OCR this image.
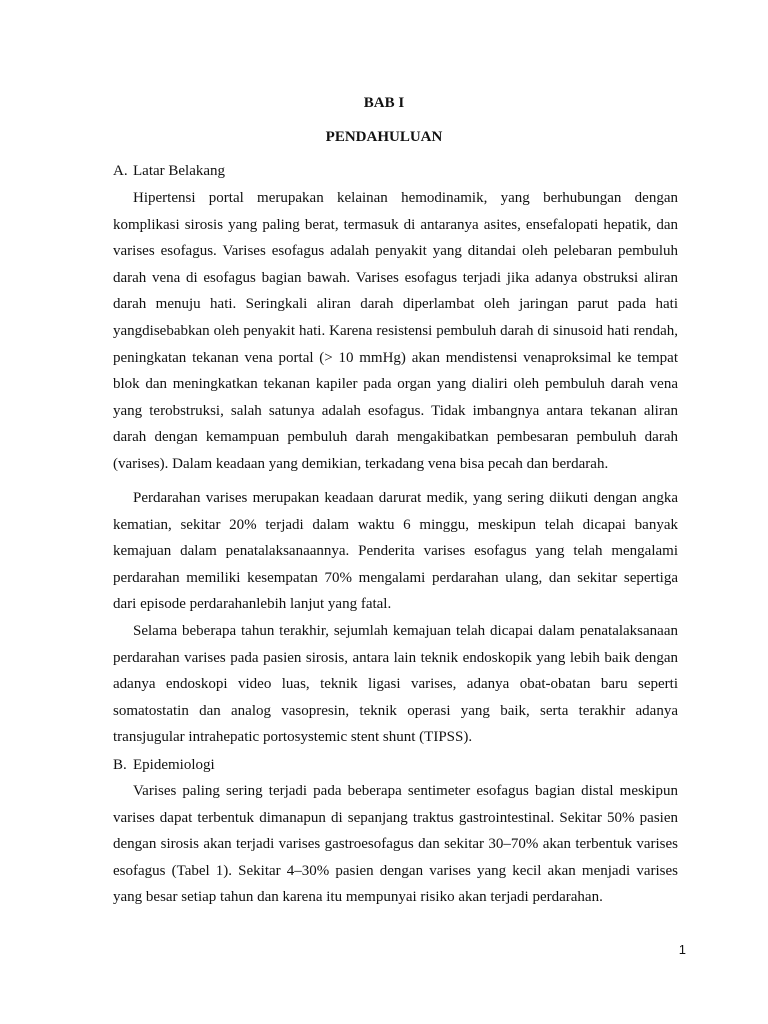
BAB I

PENDAHULUAN

A. Latar Belakang

Hipertensi portal merupakan kelainan hemodinamik, yang berhubungan dengan komplikasi sirosis yang paling berat, termasuk di antaranya asites, ensefalopati hepatik, dan varises esofagus. Varises esofagus adalah penyakit yang ditandai oleh pelebaran pembuluh darah vena di esofagus bagian bawah. Varises esofagus terjadi jika adanya obstruksi aliran darah menuju hati. Seringkali aliran darah diperlambat oleh jaringan parut pada hati yangdisebabkan oleh penyakit hati. Karena resistensi pembuluh darah di sinusoid hati rendah, peningkatan tekanan vena portal (> 10 mmHg) akan mendistensi venaproksimal ke tempat blok dan meningkatkan tekanan kapiler pada organ yang dialiri oleh pembuluh darah vena yang terobstruksi, salah satunya adalah esofagus. Tidak imbangnya antara tekanan aliran darah dengan kemampuan pembuluh darah mengakibatkan pembesaran pembuluh darah (varises). Dalam keadaan yang demikian, terkadang vena bisa pecah dan berdarah.

Perdarahan varises merupakan keadaan darurat medik, yang sering diikuti dengan angka kematian, sekitar 20% terjadi dalam waktu 6 minggu, meskipun telah dicapai banyak kemajuan dalam penatalaksanaannya. Penderita varises esofagus yang telah mengalami perdarahan memiliki kesempatan 70% mengalami perdarahan ulang, dan sekitar sepertiga dari episode perdarahanlebih lanjut yang fatal.

Selama beberapa tahun terakhir, sejumlah kemajuan telah dicapai dalam penatalaksanaan perdarahan varises pada pasien sirosis, antara lain teknik endoskopik yang lebih baik dengan adanya endoskopi video luas, teknik ligasi varises, adanya obat-obatan baru seperti somatostatin dan analog vasopresin, teknik operasi yang baik, serta terakhir adanya transjugular intrahepatic portosystemic stent shunt (TIPSS).

B. Epidemiologi

Varises paling sering terjadi pada beberapa sentimeter esofagus bagian distal meskipun varises dapat terbentuk dimanapun di sepanjang traktus gastrointestinal. Sekitar 50% pasien dengan sirosis akan terjadi varises gastroesofagus dan sekitar 30–70% akan terbentuk varises esofagus (Tabel 1). Sekitar 4–30% pasien dengan varises yang kecil akan menjadi varises yang besar setiap tahun dan karena itu mempunyai risiko akan terjadi perdarahan.

1
